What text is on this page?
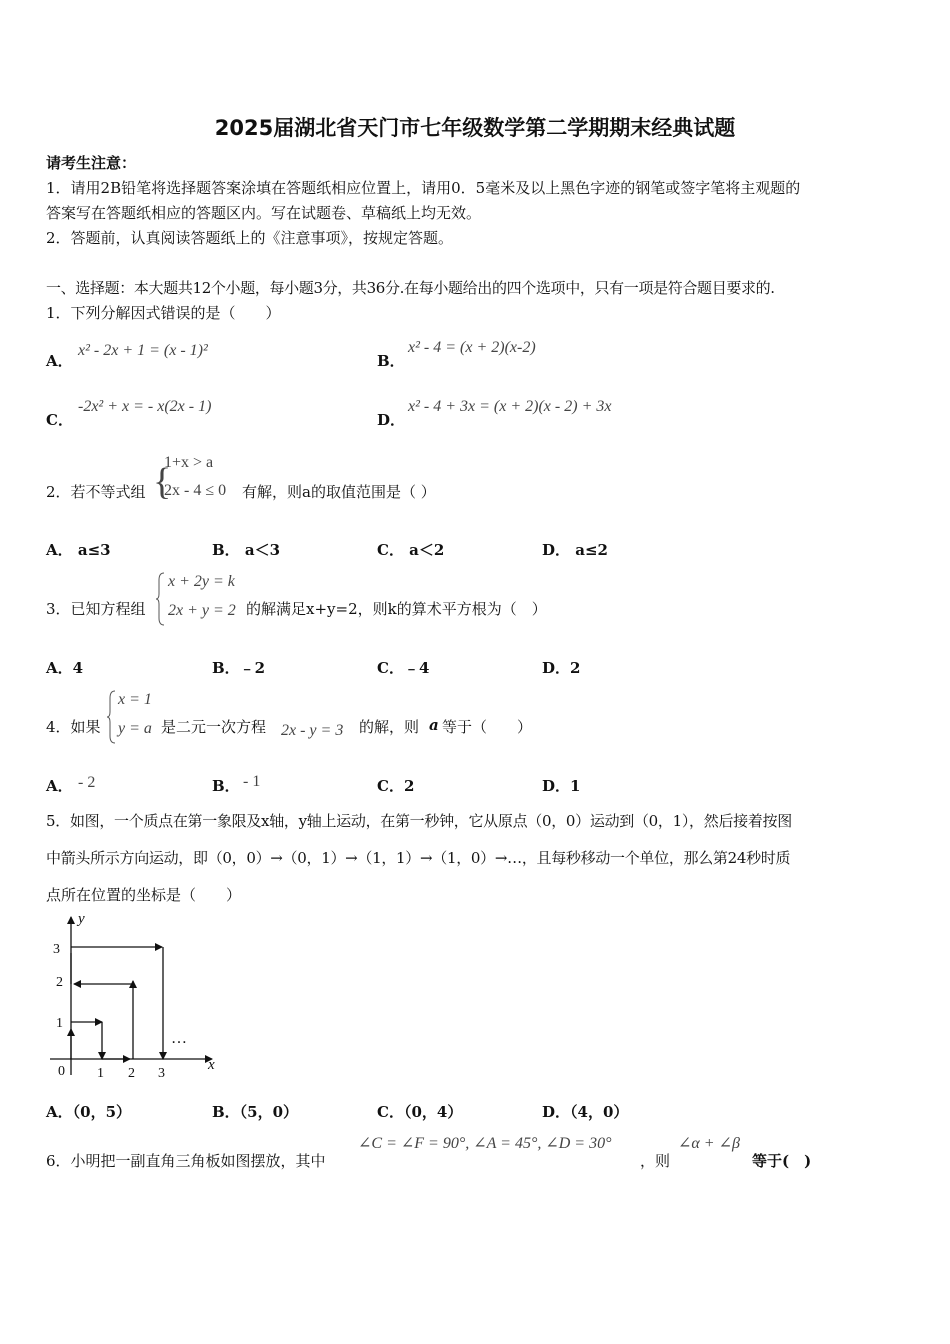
2025届湖北省天门市七年级数学第二学期期末经典试题
请考生注意：
1．请用2B铅笔将选择题答案涂填在答题纸相应位置上，请用0．5毫米及以上黑色字迹的钢笔或签字笔将主观题的
答案写在答题纸相应的答题区内。写在试题卷、草稿纸上均无效。
2．答题前，认真阅读答题纸上的《注意事项》，按规定答题。
一、选择题：本大题共12个小题，每小题3分，共36分.在每小题给出的四个选项中，只有一项是符合题目要求的.
1．下列分解因式错误的是（　　）
A．
x² - 2x + 1 = (x - 1)²
B．
x² - 4 = (x + 2)(x-2)
C．
-2x² + x = - x(2x - 1)
D．
x² - 4 + 3x = (x + 2)(x - 2) + 3x
2．若不等式组 {
1+x > a
2x - 4 ≤ 0 有解，则a的取值范围是（ ）
A． a≤3	B． a＜3	C． a＜2	D． a≤2
3．已知方程组
x + 2y = k
2x + y = 2 的解满足x+y=2，则k的算术平方根为（　）
A．4	B．﹣2	C．﹣4	D．2
4．如果
x = 1
y = a 是二元一次方程 2x - y = 3 的解，则 a 等于（　　）
A． - 2	B． - 1	C．2	D．1
5．如图，一个质点在第一象限及x轴，y轴上运动，在第一秒钟，它从原点（0，0）运动到（0，1），然后接着按图
中箭头所示方向运动，即（0，0）→（0，1）→（1，1）→（1，0）→…，且每秒移动一个单位，那么第24秒时质
点所在位置的坐标是（　　）
x
y
0 1 2 3
1
2
3
…
A．（0，5）	B．（5，0）	C．（0，4）	D．（4，0）
6．小明把一副直角三角板如图摆放，其中
∠C = ∠F = 90°, ∠A = 45°, ∠D = 30°
，则
∠α + ∠β
等于(　)
